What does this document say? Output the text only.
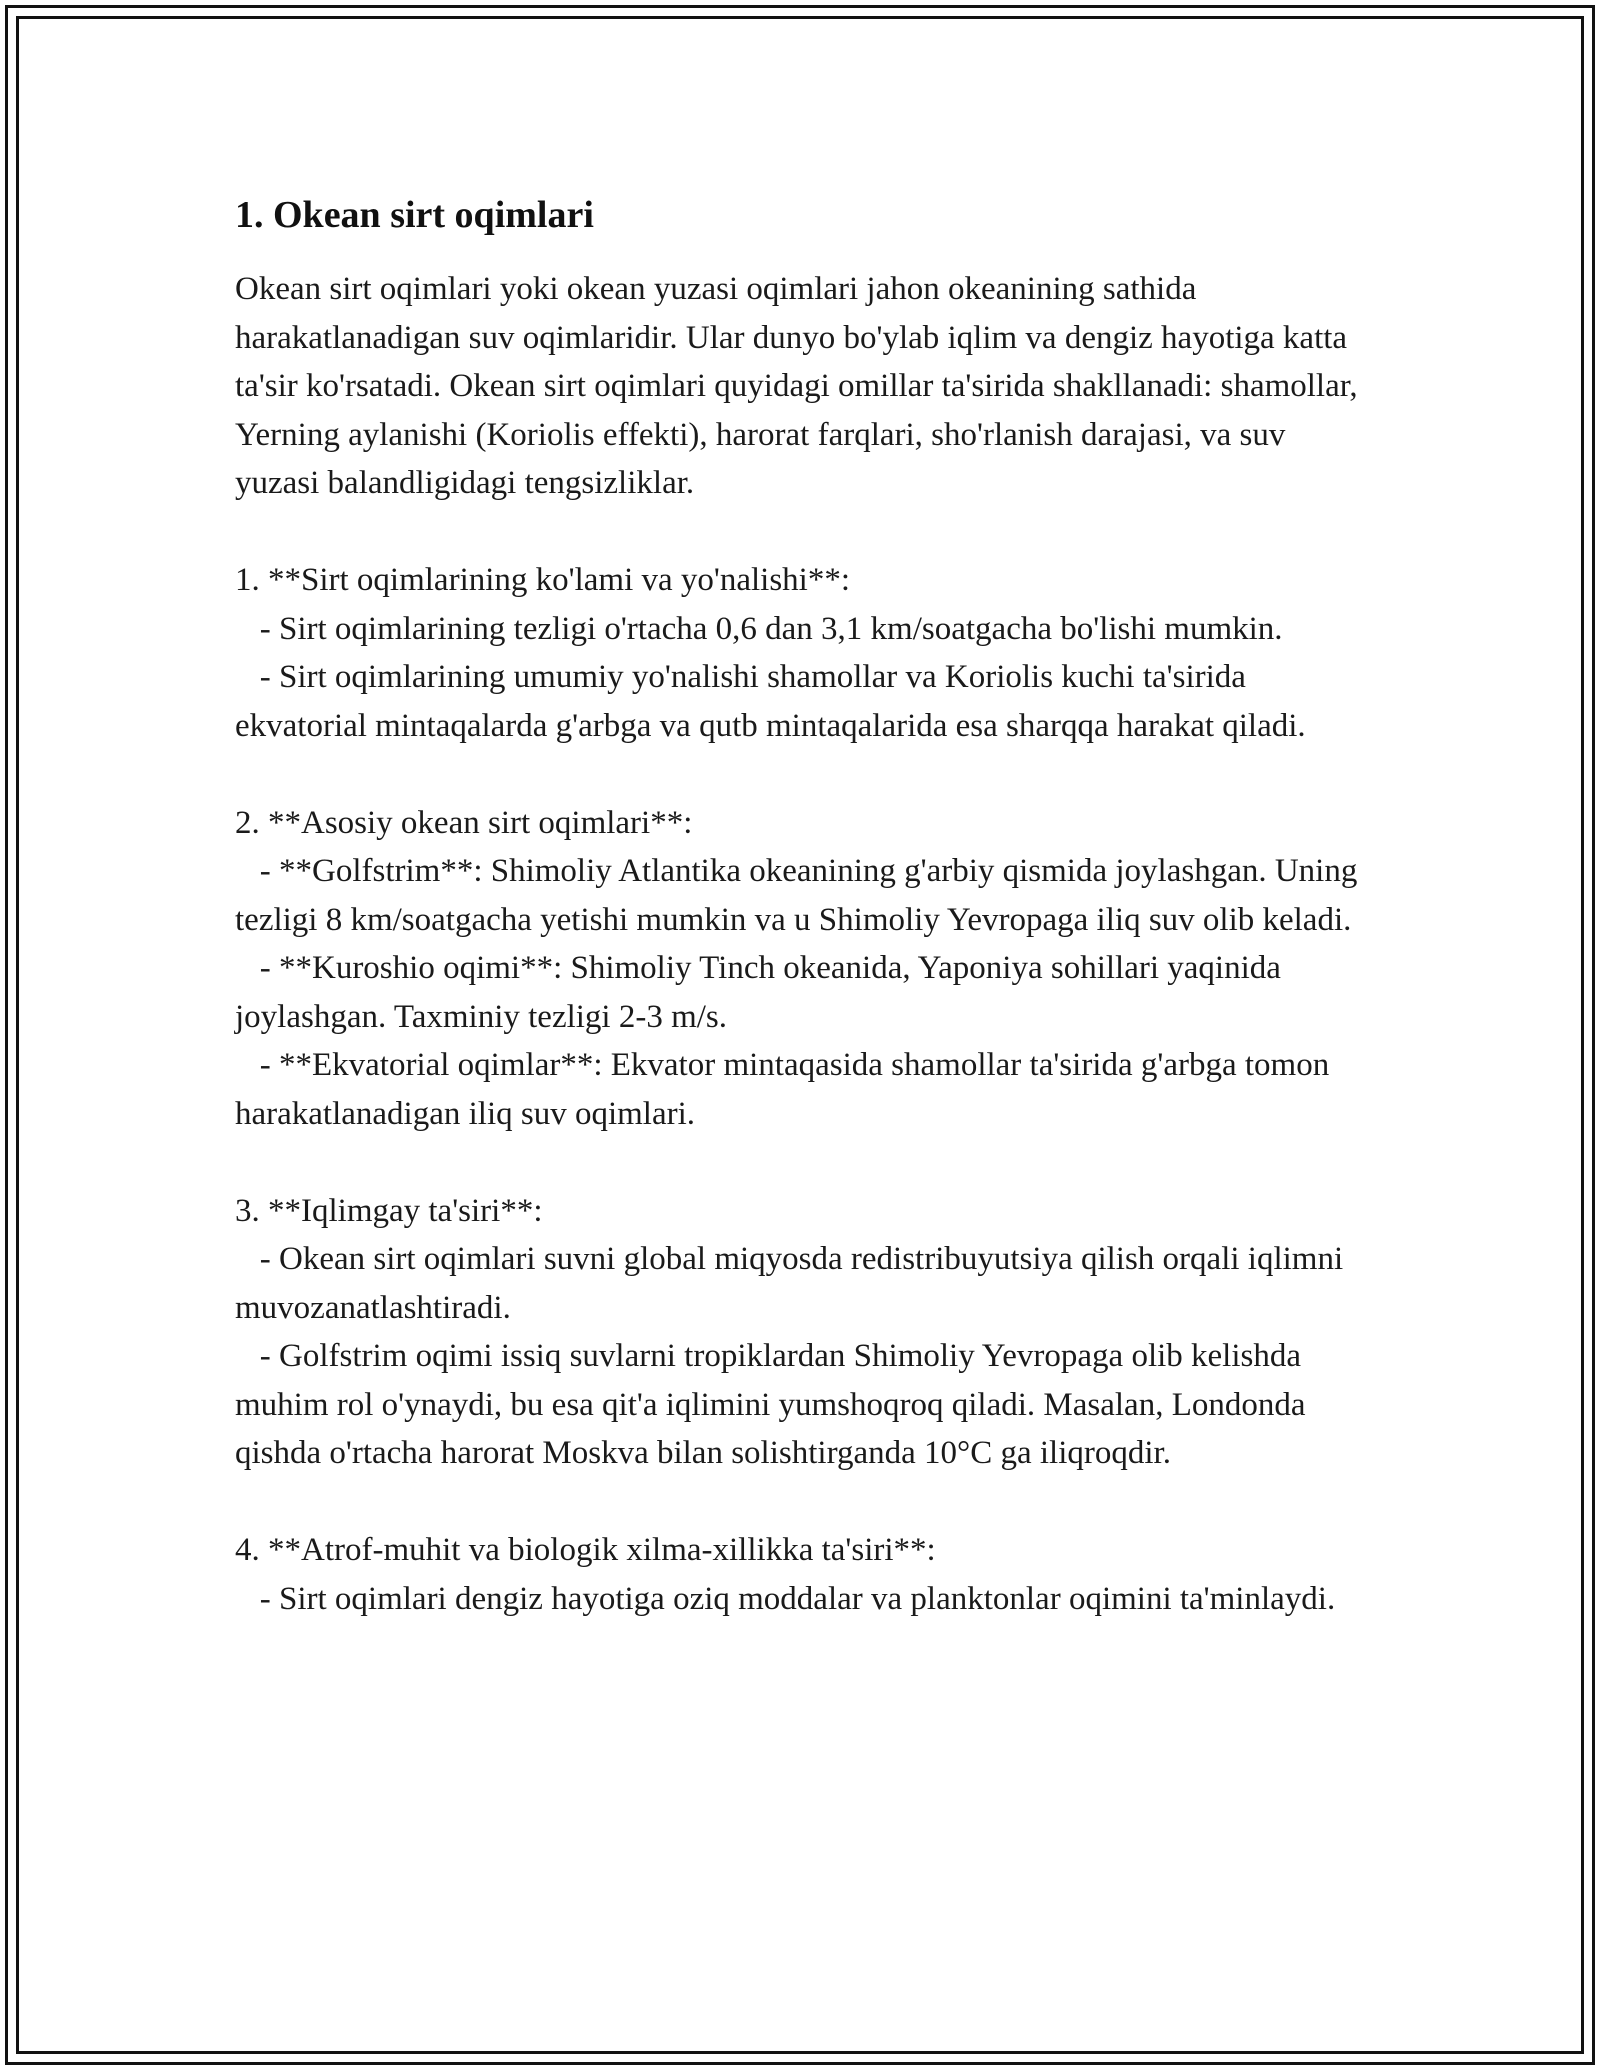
1. Okean sirt oqimlari

Okean sirt oqimlari yoki okean yuzasi oqimlari jahon okeanining sathida harakatlanadigan suv oqimlaridir. Ular dunyo bo'ylab iqlim va dengiz hayotiga katta ta'sir ko'rsatadi. Okean sirt oqimlari quyidagi omillar ta'sirida shakllanadi: shamollar, Yerning aylanishi (Koriolis effekti), harorat farqlari, sho'rlanish darajasi, va suv yuzasi balandligidagi tengsizliklar.

1. **Sirt oqimlarining ko'lami va yo'nalishi**:

- Sirt oqimlarining tezligi o'rtacha 0,6 dan 3,1 km/soatgacha bo'lishi mumkin.

- Sirt oqimlarining umumiy yo'nalishi shamollar va Koriolis kuchi ta'sirida ekvatorial mintaqalarda g'arbga va qutb mintaqalarida esa sharqqa harakat qiladi.

2. **Asosiy okean sirt oqimlari**:

- **Golfstrim**: Shimoliy Atlantika okeanining g'arbiy qismida joylashgan. Uning tezligi 8 km/soatgacha yetishi mumkin va u Shimoliy Yevropaga iliq suv olib keladi.

- **Kuroshio oqimi**: Shimoliy Tinch okeanida, Yaponiya sohillari yaqinida joylashgan. Taxminiy tezligi 2-3 m/s.

- **Ekvatorial oqimlar**: Ekvator mintaqasida shamollar ta'sirida g'arbga tomon harakatlanadigan iliq suv oqimlari.

3. **Iqlimgay ta'siri**:

- Okean sirt oqimlari suvni global miqyosda redistribuyutsiya qilish orqali iqlimni muvozanatlashtiradi.

- Golfstrim oqimi issiq suvlarni tropiklardan Shimoliy Yevropaga olib kelishda muhim rol o'ynaydi, bu esa qit'a iqlimini yumshoqroq qiladi. Masalan, Londonda qishda o'rtacha harorat Moskva bilan solishtirganda 10°C ga iliqroqdir.

4. **Atrof-muhit va biologik xilma-xillikka ta'siri**:

- Sirt oqimlari dengiz hayotiga oziq moddalar va planktonlar oqimini ta'minlaydi.
